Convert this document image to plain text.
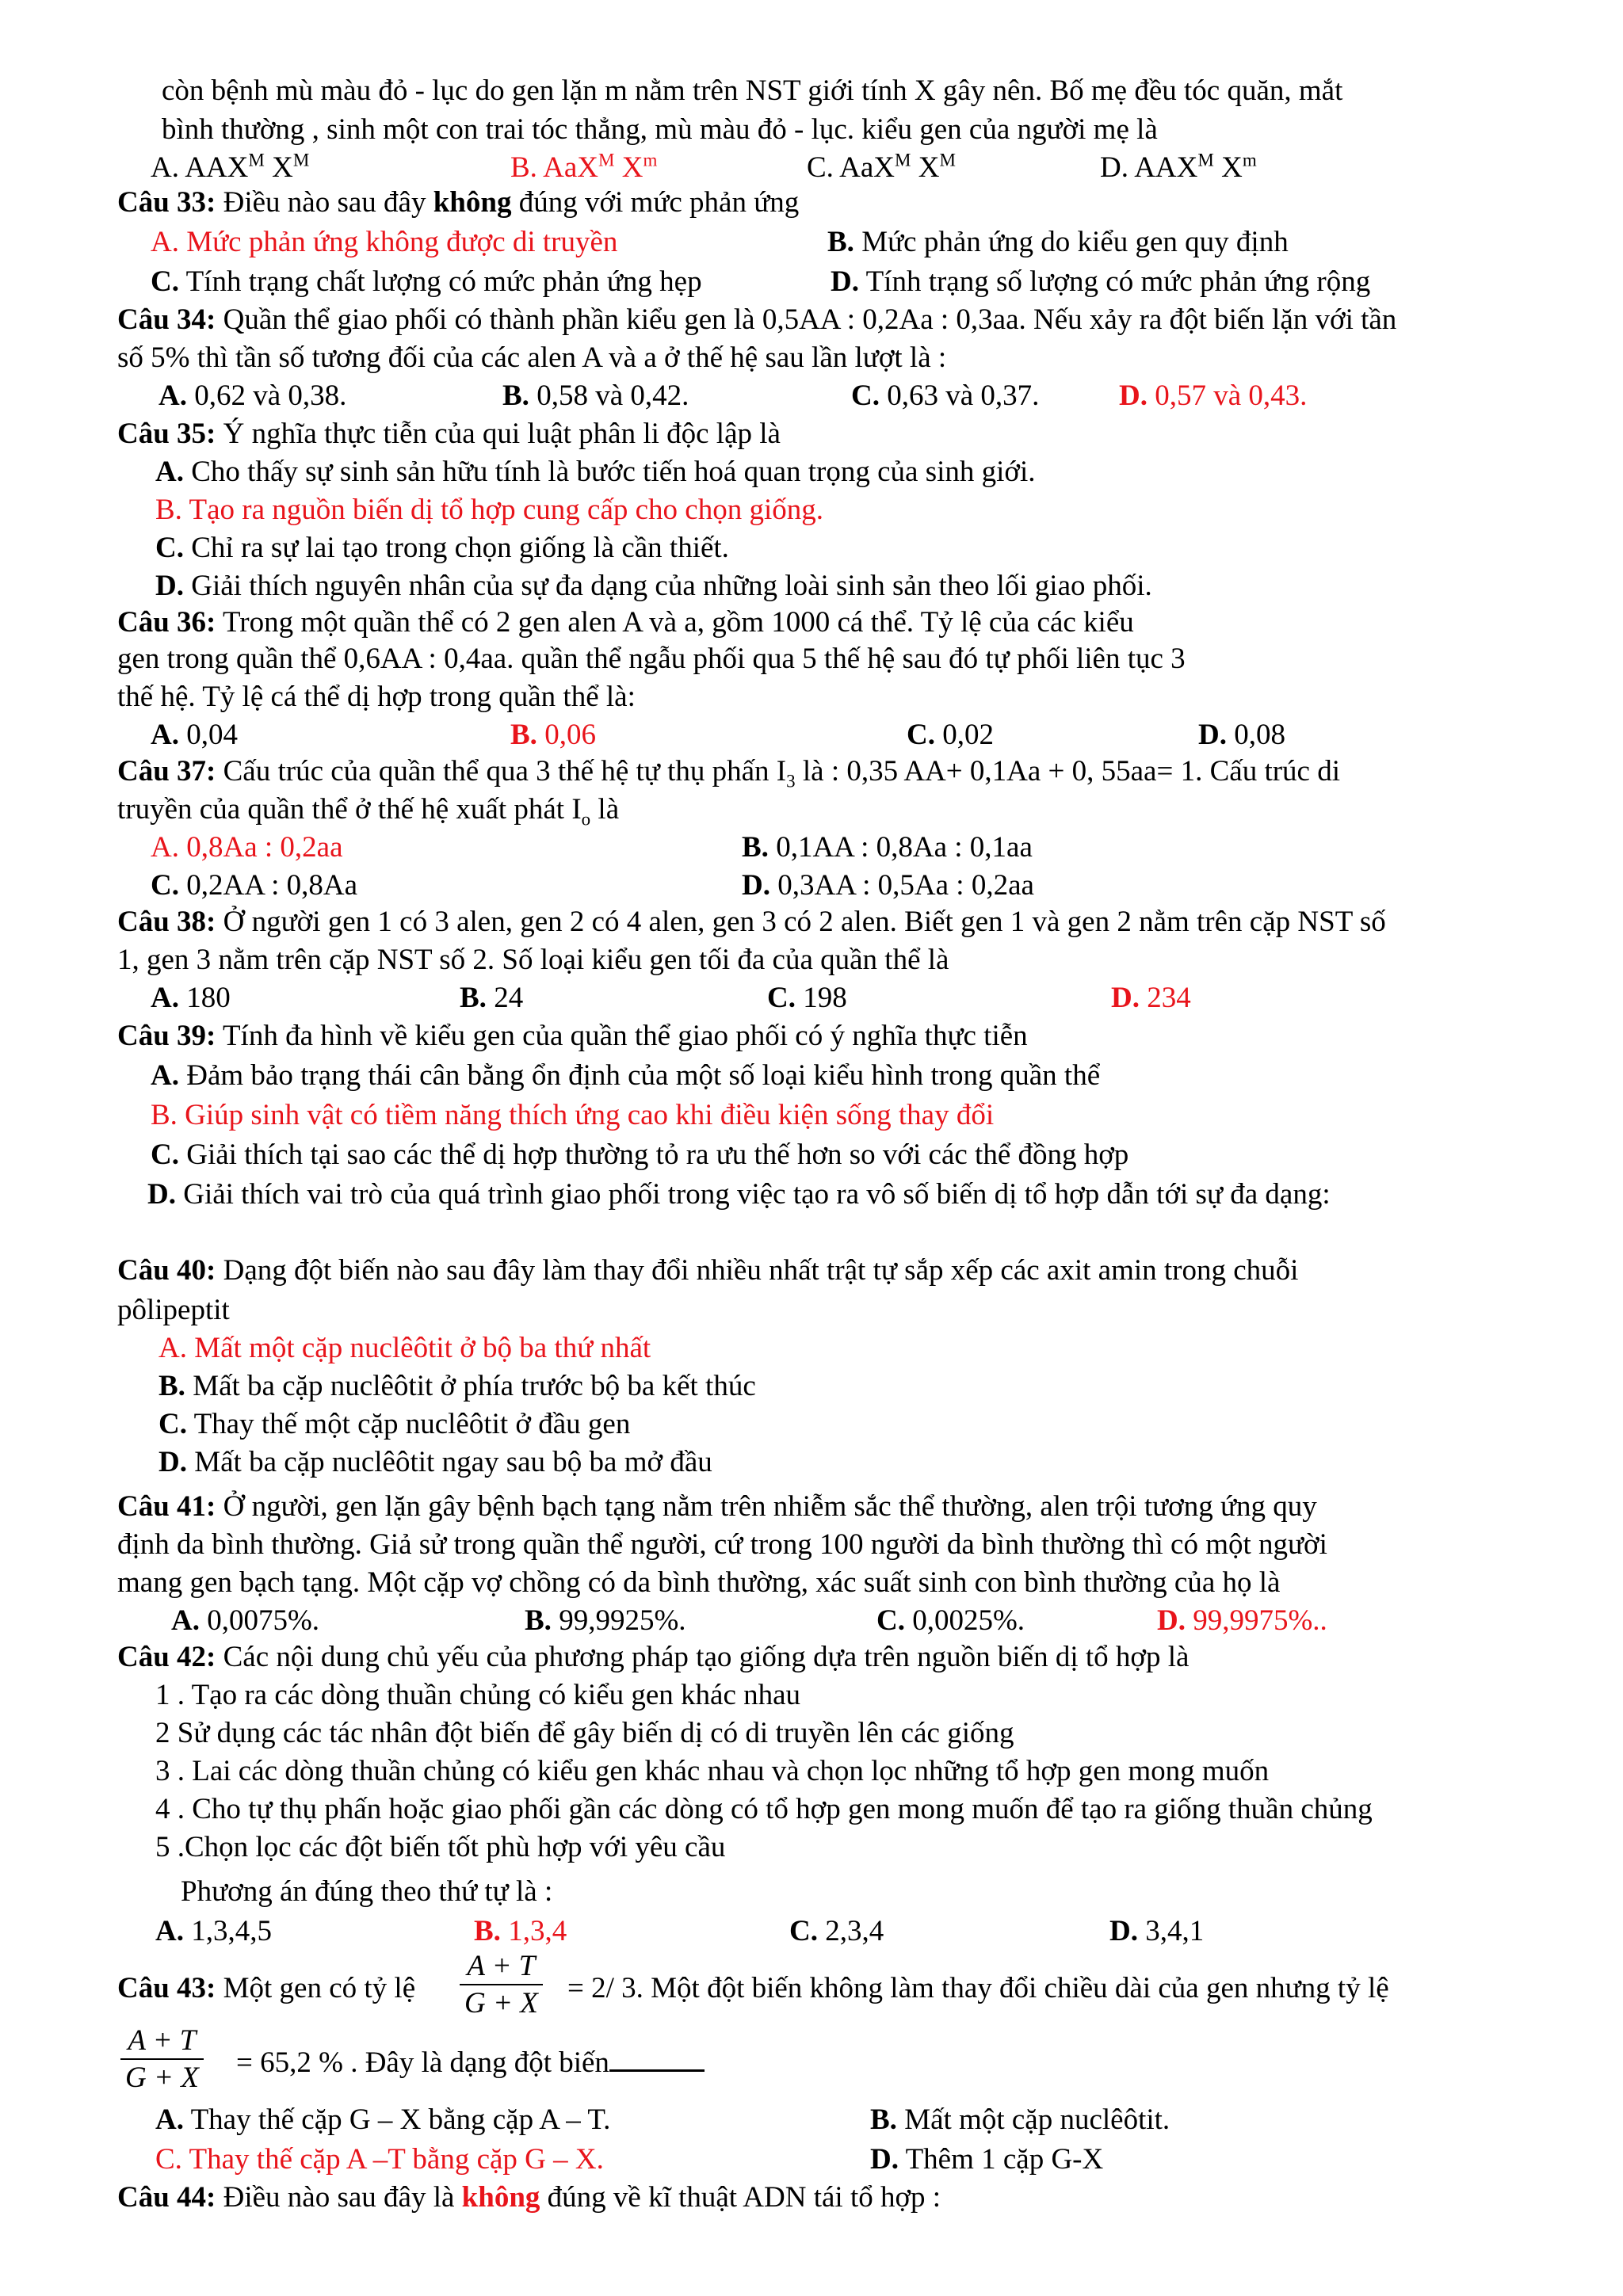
còn bệnh mù màu đỏ - lục do gen lặn m nằm trên NST giới tính X gây nên. Bố mẹ đều tóc quăn, mắt
bình thường , sinh một con trai tóc thẳng, mù màu đỏ - lục. kiểu gen của người mẹ là
A. $AAX^M$ $X^M$	B. AaX$^M$ $X^m$	C. AaX$^M$ $X^M$	D. $AAX^M$ $X^m$
Câu 33: Điều nào sau đây không đúng với mức phản ứng
A. Mức phản ứng không được di truyền	B. Mức phản ứng do kiểu gen quy định
C. Tính trạng chất lượng có mức phản ứng hẹp	D. Tính trạng số lượng có mức phản ứng rộng
Câu 34: Quần thể giao phối có thành phần kiểu gen là 0,5AA : 0,2Aa : 0,3aa. Nếu xảy ra đột biến lặn với tần
số 5% thì tần số tương đối của các alen A và a ở thế hệ sau lần lượt là :
A. 0,62 và 0,38.	B. 0,58 và 0,42.	C. 0,63 và 0,37.	D. 0,57 và 0,43.
Câu 35: Ý nghĩa thực tiễn của qui luật phân li độc lập là
A. Cho thấy sự sinh sản hữu tính là bước tiến hoá quan trọng của sinh giới.
B. Tạo ra nguồn biến dị tổ hợp cung cấp cho chọn giống.
C. Chỉ ra sự lai tạo trong chọn giống là cần thiết.
D. Giải thích nguyên nhân của sự đa dạng của những loài sinh sản theo lối giao phối.
Câu 36: Trong một quần thể có 2 gen alen A và a, gồm 1000 cá thể. Tỷ lệ của các kiểu
gen trong quần thể 0,6AA : 0,4aa. quần thể ngẫu phối qua 5 thế hệ sau đó tự phối liên tục 3
thế hệ. Tỷ lệ cá thể dị hợp trong quần thể là:
A. 0,04	B. 0,06	C. 0,02	D. 0,08
Câu 37: Cấu trúc của quần thể qua 3 thế hệ tự thụ phấn $I_3$ là : 0,35 AA+ 0,1Aa + 0, 55aa= 1. Cấu trúc di
truyền của quần thể ở thế hệ xuất phát $I_o$ là
A. 0,8Aa : 0,2aa	B. 0,1AA : 0,8Aa : 0,1aa
C. 0,2AA : 0,8Aa	D. 0,3AA : 0,5Aa : 0,2aa
Câu 38: Ở người gen 1 có 3 alen, gen 2 có 4 alen, gen 3 có 2 alen. Biết gen 1 và gen 2 nằm trên cặp NST số
1, gen 3 nằm trên cặp NST số 2. Số loại kiểu gen tối đa của quần thể là
A. 180	B. 24	C. 198	D. 234
Câu 39: Tính đa hình về kiểu gen của quần thể giao phối có ý nghĩa thực tiễn
A. Đảm bảo trạng thái cân bằng ổn định của một số loại kiểu hình trong quần thể
B. Giúp sinh vật có tiềm năng thích ứng cao khi điều kiện sống thay đổi
C. Giải thích tại sao các thể dị hợp thường tỏ ra ưu thế hơn so với các thể đồng hợp
D. Giải thích vai trò của quá trình giao phối trong việc tạo ra vô số biến dị tổ hợp dẫn tới sự đa dạng:
Câu 40: Dạng đột biến nào sau đây làm thay đổi nhiều nhất trật tự sắp xếp các axit amin trong chuỗi
pôlipeptit
A. Mất một cặp nuclêôtit ở bộ ba thứ nhất
B. Mất ba cặp nuclêôtit ở phía trước bộ ba kết thúc
C. Thay thế một cặp nuclêôtit ở đầu gen
D. Mất ba cặp nuclêôtit ngay sau bộ ba mở đầu
Câu 41: Ở người, gen lặn gây bệnh bạch tạng nằm trên nhiễm sắc thể thường, alen trội tương ứng quy
định da bình thường. Giả sử trong quần thể người, cứ trong 100 người da bình thường thì có một người
mang gen bạch tạng. Một cặp vợ chồng có da bình thường, xác suất sinh con bình thường của họ là
A. 0,0075%.	B. 99,9925%.	C. 0,0025%.	D. 99,9975%..
Câu 42: Các nội dung chủ yếu của phương pháp tạo giống dựa trên nguồn biến dị tổ hợp là
1 . Tạo ra các dòng thuần chủng có kiểu gen khác nhau
2 Sử dụng các tác nhân đột biến để gây biến dị có di truyền lên các giống
3 . Lai các dòng thuần chủng có kiểu gen khác nhau và chọn lọc những tổ hợp gen mong muốn
4 . Cho tự thụ phấn hoặc giao phối gần các dòng có tổ hợp gen mong muốn để tạo ra giống thuần chủng
5 .Chọn lọc các đột biến tốt phù hợp với yêu cầu
Phương án đúng theo thứ tự là :
A. 1,3,4,5	B. 1,3,4	C. 2,3,4	D. 3,4,1
Câu 43: Một gen có tỷ lệ $\frac{A + T}{G + X} = 2/$ 3. Một đột biến không làm thay đổi chiều dài của gen nhưng tỷ lệ
$\frac{A + T}{G + X} = 65,2$ % . Đây là dạng đột biến
A. Thay thế cặp G – X bằng cặp A – T.	B. Mất một cặp nuclêôtit.
C. Thay thế cặp A –T bằng cặp G – X.	D. Thêm 1 cặp G-X
Câu 44: Điều nào sau đây là không đúng về kĩ thuật ADN tái tổ hợp :
